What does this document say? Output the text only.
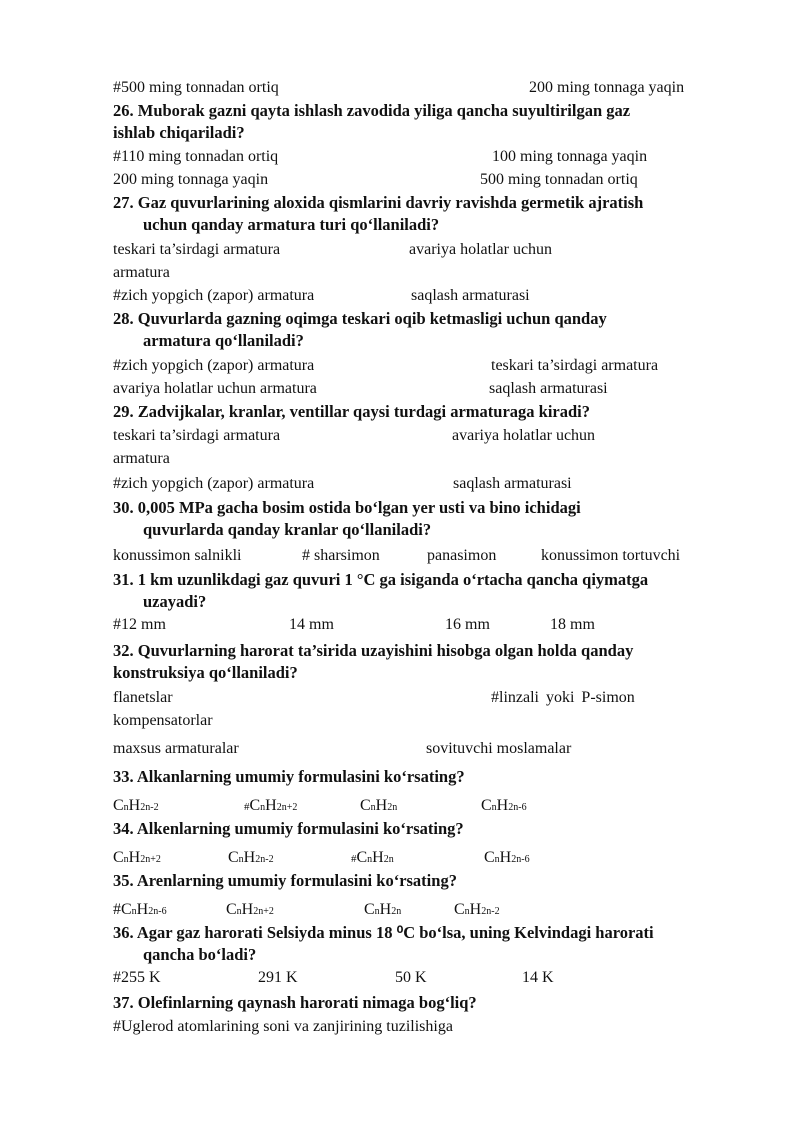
#500 ming tonnadan ortiq	200 ming tonnaga yaqin
26. Muborak gazni qayta ishlash zavodida yiliga qancha suyultirilgan gaz
ishlab chiqariladi?
#110 ming tonnadan ortiq	100 ming tonnaga yaqin
200 ming tonnaga yaqin	500 ming tonnadan ortiq
27. Gaz quvurlarining aloxida qismlarini davriy ravishda germetik ajratish
uchun qanday armatura turi qo‘llaniladi?
teskari ta’sirdagi armatura	avariya holatlar uchun
armatura
#zich yopgich (zapor) armatura	saqlash armaturasi
28. Quvurlarda gazning oqimga teskari oqib ketmasligi uchun qanday
armatura qo‘llaniladi?
#zich yopgich (zapor) armatura	teskari ta’sirdagi armatura
avariya holatlar uchun armatura	saqlash armaturasi
29. Zadvijkalar, kranlar, ventillar qaysi turdagi armaturaga kiradi?
teskari ta’sirdagi armatura	avariya holatlar uchun
armatura
#zich yopgich (zapor) armatura	saqlash armaturasi
30. 0,005 MPa gacha bosim ostida bo‘lgan yer usti va bino ichidagi
quvurlarda qanday kranlar qo‘llaniladi?
konussimon salnikli	# sharsimon	panasimon	konussimon tortuvchi
31. 1 km uzunlikdagi gaz quvuri 1 °C ga isiganda o‘rtacha qancha qiymatga
uzayadi?
#12 mm	14 mm	16 mm	18 mm
32. Quvurlarning harorat ta’sirida uzayishini hisobga olgan holda qanday
konstruksiya qo‘llaniladi?
flanetslar	#linzali yoki P-simon
kompensatorlar
maxsus armaturalar	sovituvchi moslamalar
33. Alkanlarning umumiy formulasini ko‘rsating?
CnH2n-2	#CnH2n+2	CnH2n	CnH2n-6
34. Alkenlarning umumiy formulasini ko‘rsating?
CnH2n+2	CnH2n-2	#CnH2n	CnH2n-6
35. Arenlarning umumiy formulasini ko‘rsating?
#CnH2n-6	CnH2n+2	CnH2n	CnH2n-2
36. Agar gaz harorati Selsiyda minus 18 ⁰C bo‘lsa, uning Kelvindagi harorati
qancha bo‘ladi?
#255 K	291 K	50 K	14 K
37. Olefinlarning qaynash harorati nimaga bog‘liq?
#Uglerod atomlarining soni va zanjirining tuzilishiga
